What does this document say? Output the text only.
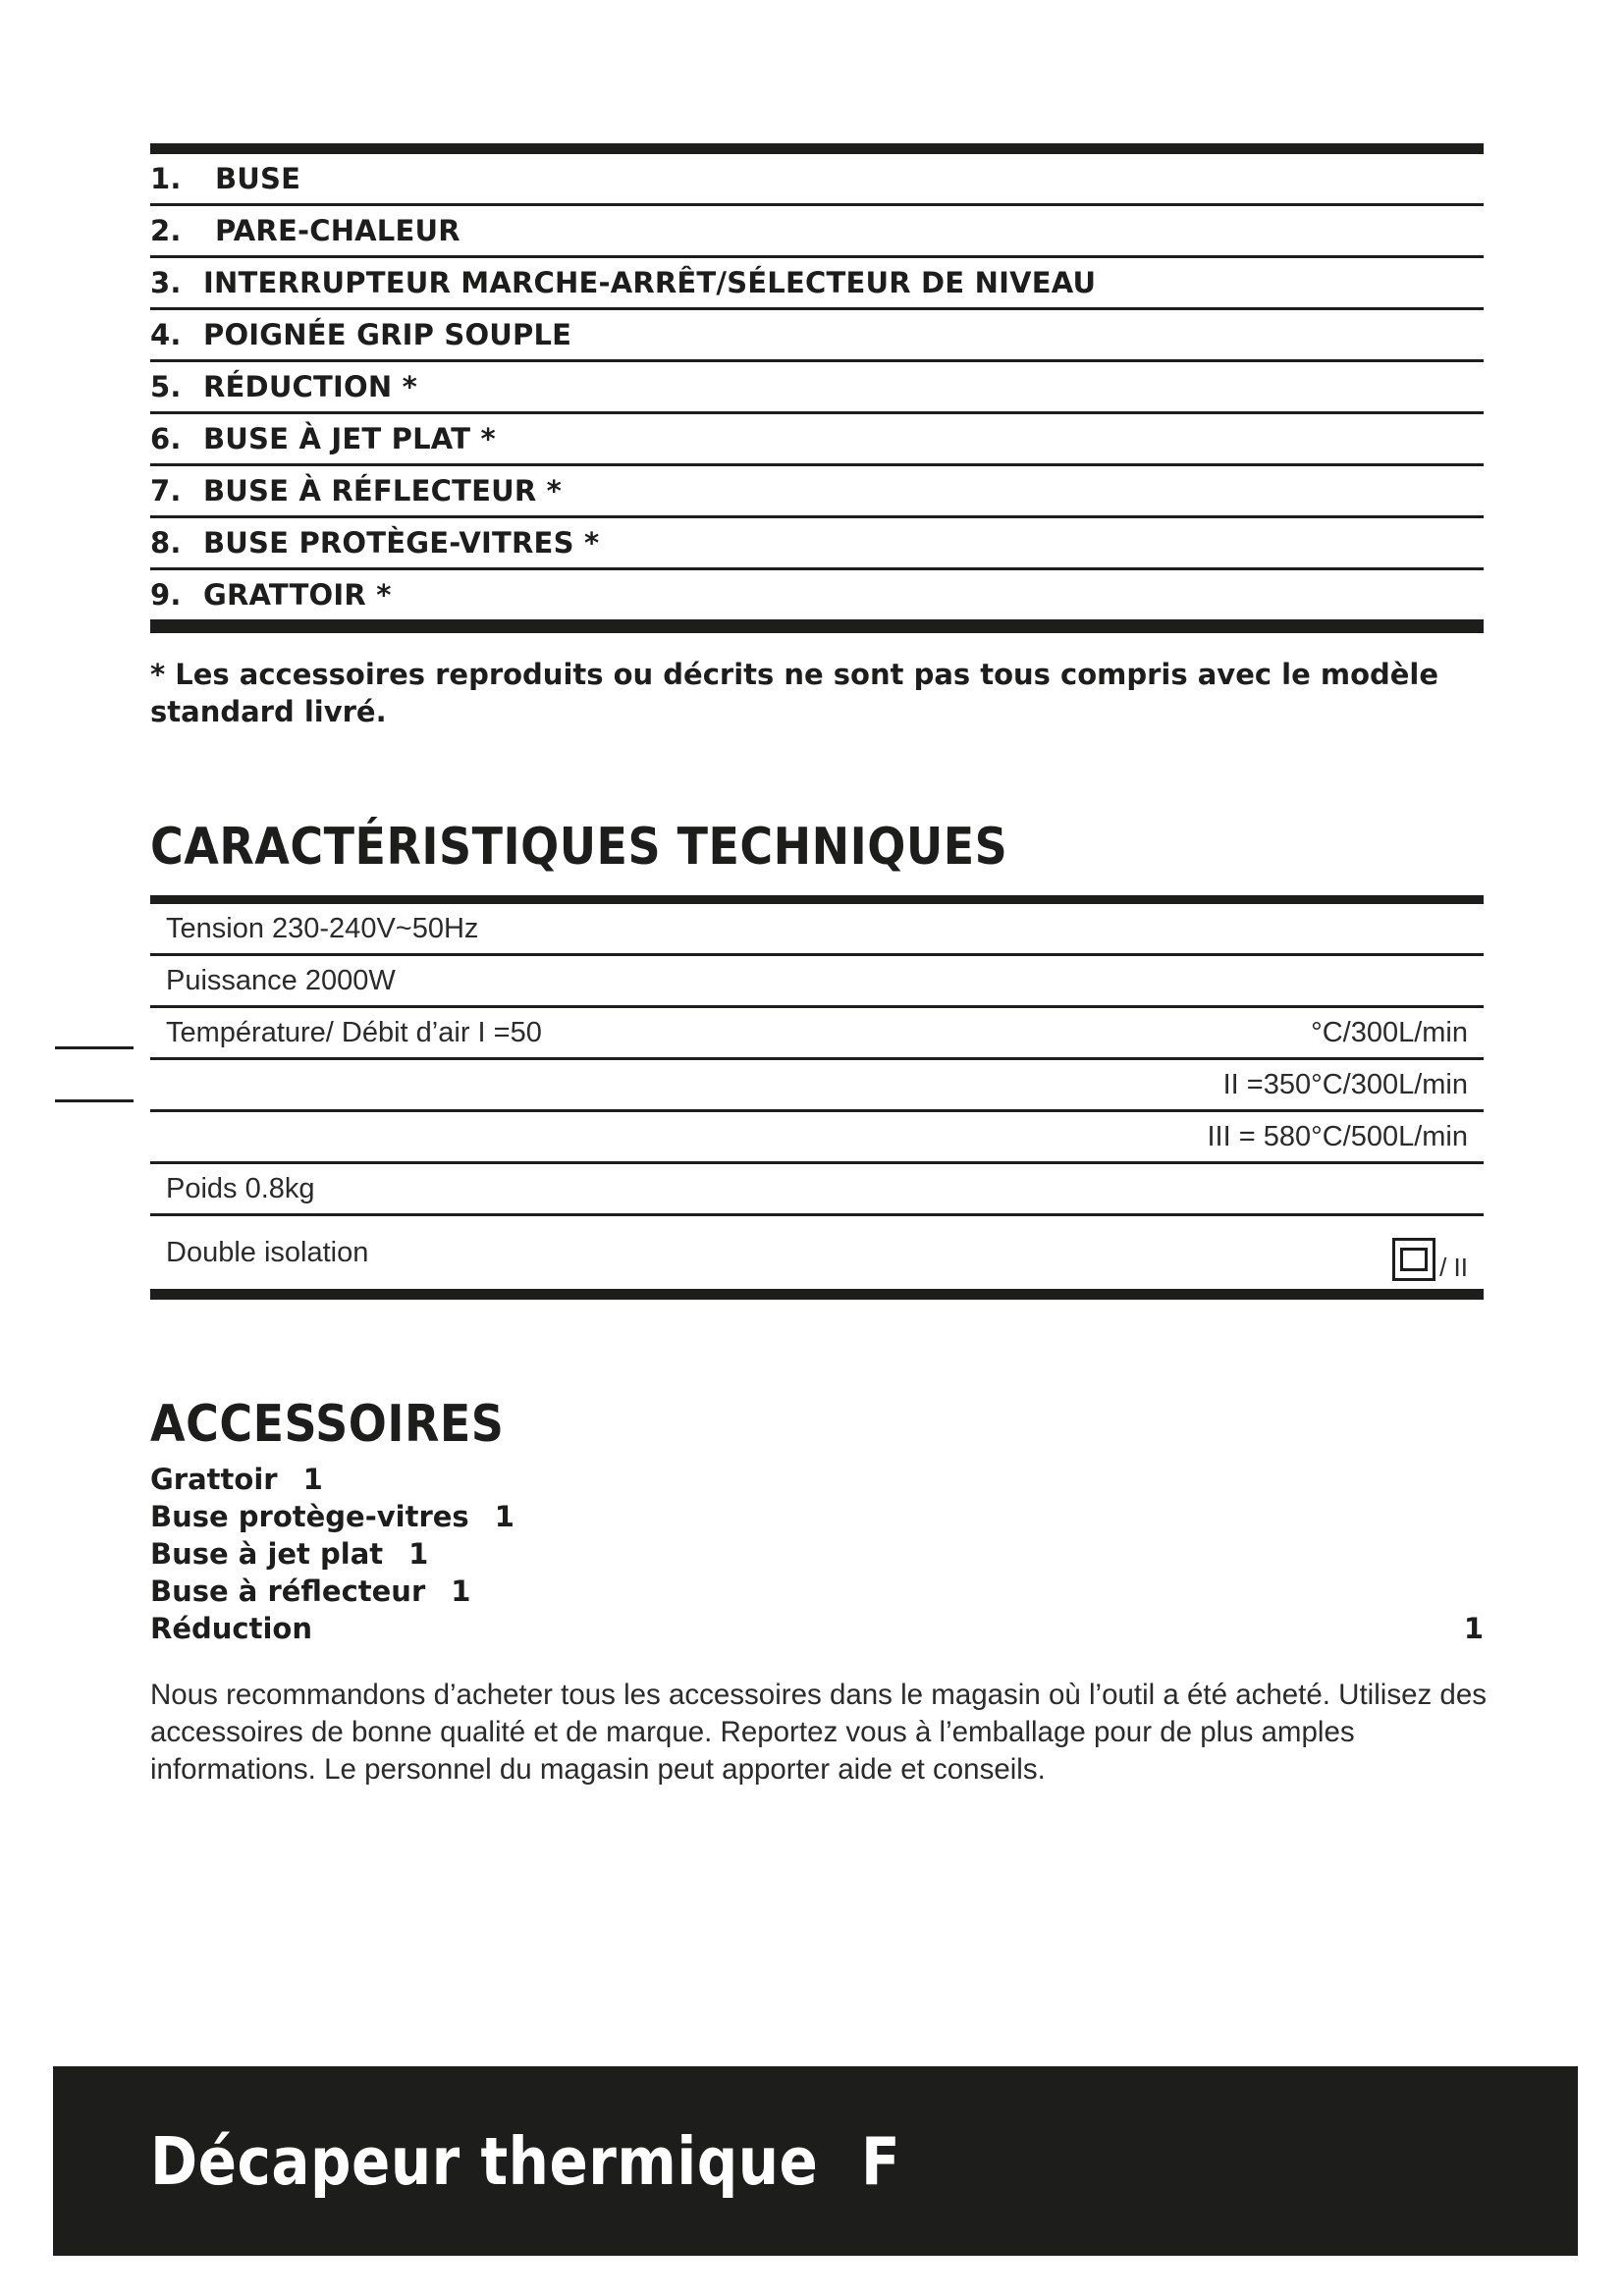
1.	BUSE
2.	PARE-CHALEUR
3. INTERRUPTEUR MARCHE-ARRÊT/SÉLECTEUR DE NIVEAU
4. POIGNÉE GRIP SOUPLE
5. RÉDUCTION *
6. BUSE À JET PLAT *
7. BUSE À RÉFLECTEUR *
8. BUSE PROTÈGE-VITRES *
9. GRATTOIR *
* Les accessoires reproduits ou décrits ne sont pas tous compris avec le modèle standard livré.
CARACTÉRISTIQUES TECHNIQUES
Tension 230-240V~50Hz
Puissance 2000W
Température/ Débit d’air I =50	°C/300L/min
II =350°C/300L/min
III = 580°C/500L/min
Poids 0.8kg
Double isolation	/ II
ACCESSOIRES
Grattoir 1
Buse protège-vitres 1
Buse à jet plat 1
Buse à réflecteur 1
Réduction	1
Nous recommandons d’acheter tous les accessoires dans le magasin où l’outil a été acheté. Utilisez des accessoires de bonne qualité et de marque. Reportez vous à l’emballage pour de plus amples informations. Le personnel du magasin peut apporter aide et conseils.
Décapeur thermique F
